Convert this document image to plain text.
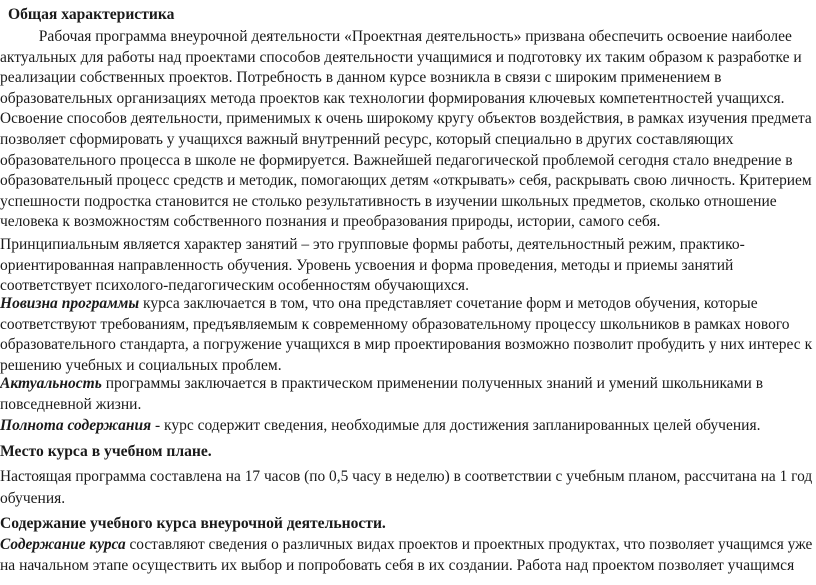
Общая характеристика
Рабочая программа внеурочной деятельности «Проектная деятельность» призвана обеспечить освоение наиболее
актуальных для работы над проектами способов деятельности учащимися и подготовку их таким образом к разработке и
реализации собственных проектов. Потребность в данном курсе возникла в связи с широким применением в
образовательных организациях метода проектов как технологии формирования ключевых компетентностей учащихся.
Освоение способов деятельности, применимых к очень широкому кругу объектов воздействия, в рамках изучения предмета
позволяет сформировать у учащихся важный внутренний ресурс, который специально в других составляющих
образовательного процесса в школе не формируется. Важнейшей педагогической проблемой сегодня стало внедрение в
образовательный процесс средств и методик, помогающих детям «открывать» себя, раскрывать свою личность. Критерием
успешности подростка становится не столько результативность в изучении школьных предметов, сколько отношение
человека к возможностям собственного познания и преобразования природы, истории, самого себя.
Принципиальным является характер занятий – это групповые формы работы, деятельностный режим, практико-
ориентированная направленность обучения. Уровень усвоения и форма проведения, методы и приемы занятий
соответствует психолого-педагогическим особенностям обучающихся.
Новизна программы курса заключается в том, что она представляет сочетание форм и методов обучения, которые
соответствуют требованиям, предъявляемым к современному образовательному процессу школьников в рамках нового
образовательного стандарта, а погружение учащихся в мир проектирования возможно позволит пробудить у них интерес к
решению учебных и социальных проблем.
Актуальность программы заключается в практическом применении полученных знаний и умений школьниками в
повседневной жизни.
Полнота содержания - курс содержит сведения, необходимые для достижения запланированных целей обучения.
Место курса в учебном плане.
Настоящая программа составлена на 17 часов (по 0,5 часу в неделю) в соответствии с учебным планом, рассчитана на 1 год
обучения.
Содержание учебного курса внеурочной деятельности.
Содержание курса составляют сведения о различных видах проектов и проектных продуктах, что позволяет учащимся уже
на начальном этапе осуществить их выбор и попробовать себя в их создании. Работа над проектом позволяет учащимся
